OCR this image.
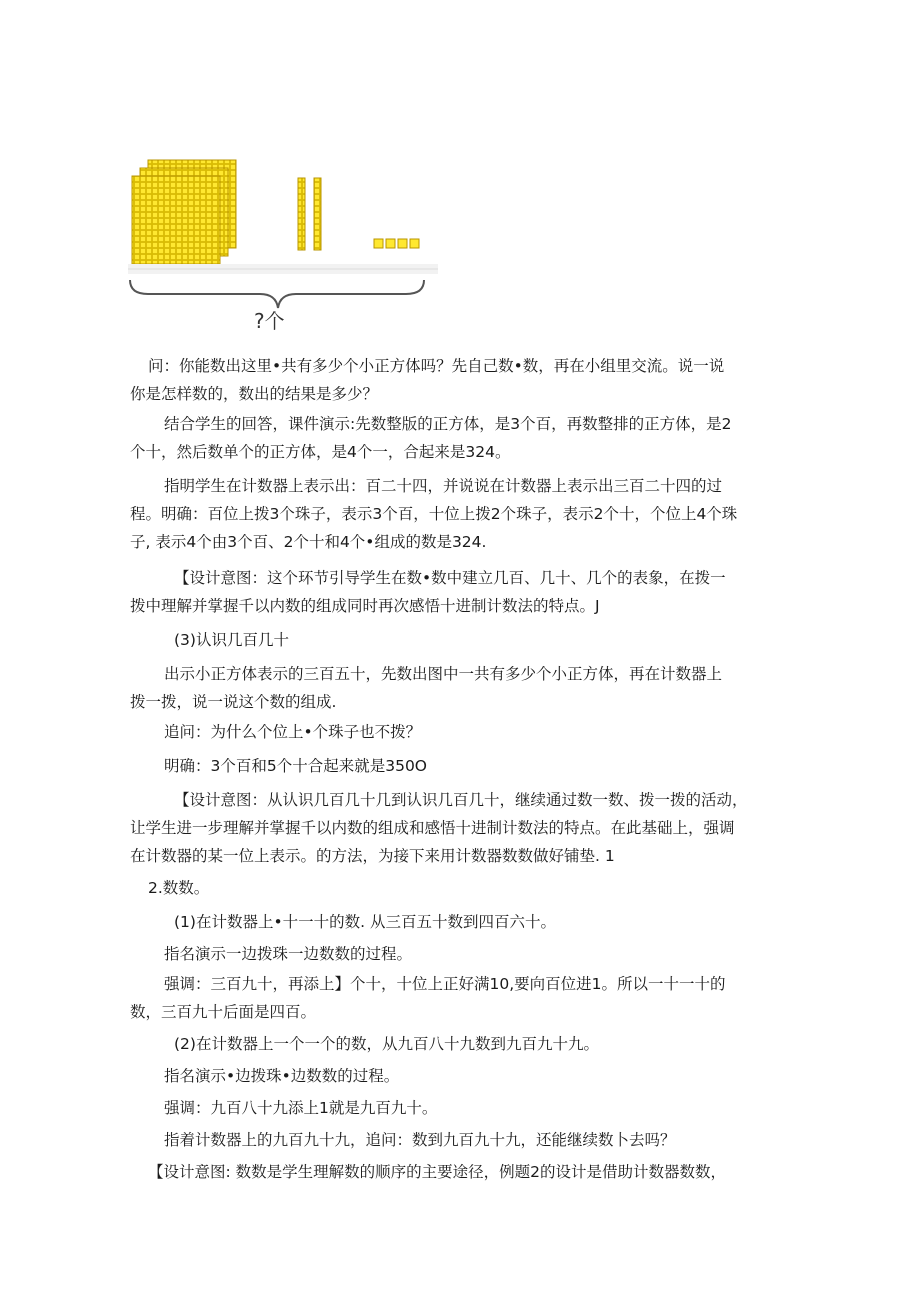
?个

问：你能数出这里•共有多少个小正方体吗？先自己数•数，再在小组里交流。说一说
你是怎样数的，数出的结果是多少？

结合学生的回答，课件演示:先数整版的正方体，是3个百，再数整排的正方体，是2
个十，然后数单个的正方体，是4个一，合起来是324。

指明学生在计数器上表示出：百二十四，并说说在计数器上表示出三百二十四的过
程。明确：百位上拨3个珠子，表示3个百，十位上拨2个珠子，表示2个十，个位上4个珠
子, 表示4个由3个百、2个十和4个•组成的数是324.

【设计意图：这个环节引导学生在数•数中建立几百、几十、几个的表象，在拨一
拨中理解并掌握千以内数的组成同时再次感悟十进制计数法的特点。J

(3)认识几百几十

出示小正方体表示的三百五十，先数出图中一共有多少个小正方体，再在计数器上
拨一拨，说一说这个数的组成.

追问：为什么个位上•个珠子也不拨？

明确：3个百和5个十合起来就是350O

【设计意图：从认识几百几十几到认识几百几十，继续通过数一数、拨一拨的活动，
让学生进一步理解并掌握千以内数的组成和感悟十进制计数法的特点。在此基础上，强调
在计数器的某一位上表示。的方法，为接下来用计数器数数做好铺垫. 1

2.数数。

(1)在计数器上•十一十的数. 从三百五十数到四百六十。

指名演示一边拨珠一边数数的过程。

强调：三百九十，再添上】个十，十位上正好满10,要向百位进1。所以一十一十的
数，三百九十后面是四百。

(2)在计数器上一个一个的数，从九百八十九数到九百九十九。

指名演示•边拨珠•边数数的过程。

强调：九百八十九添上1就是九百九十。

指着计数器上的九百九十九，追问：数到九百九十九，还能继续数卜去吗？

【设计意图: 数数是学生理解数的顺序的主要途径，例题2的设计是借助计数器数数，
